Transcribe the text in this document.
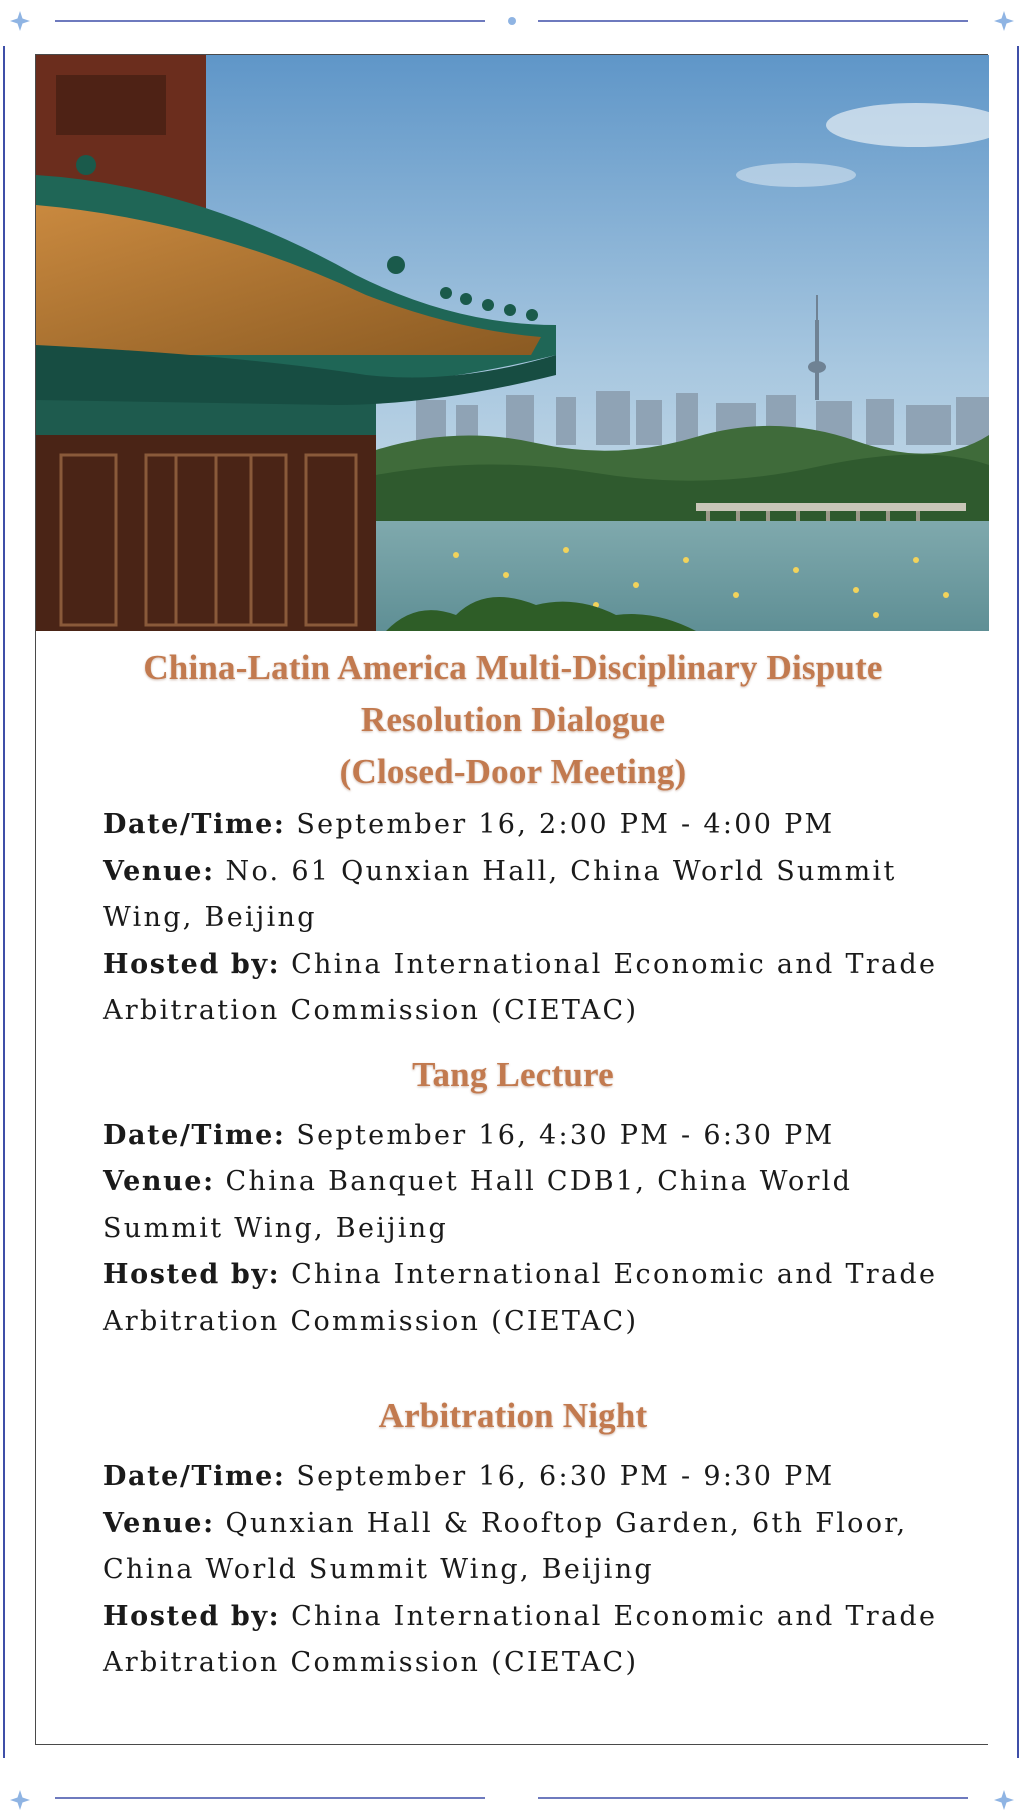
China-Latin America Multi-Disciplinary Dispute
Resolution Dialogue
(Closed-Door Meeting)

Date/Time: September 16, 2:00 PM - 4:00 PM

Venue: No. 61 Qunxian Hall, China World Summit Wing, Beijing

Hosted by: China International Economic and Trade Arbitration Commission (CIETAC)

Tang Lecture

Date/Time: September 16, 4:30 PM - 6:30 PM

Venue: China Banquet Hall CDB1, China World Summit Wing, Beijing

Hosted by: China International Economic and Trade Arbitration Commission (CIETAC)

Arbitration Night

Date/Time: September 16, 6:30 PM - 9:30 PM

Venue: Qunxian Hall & Rooftop Garden, 6th Floor, China World Summit Wing, Beijing

Hosted by: China International Economic and Trade Arbitration Commission (CIETAC)
